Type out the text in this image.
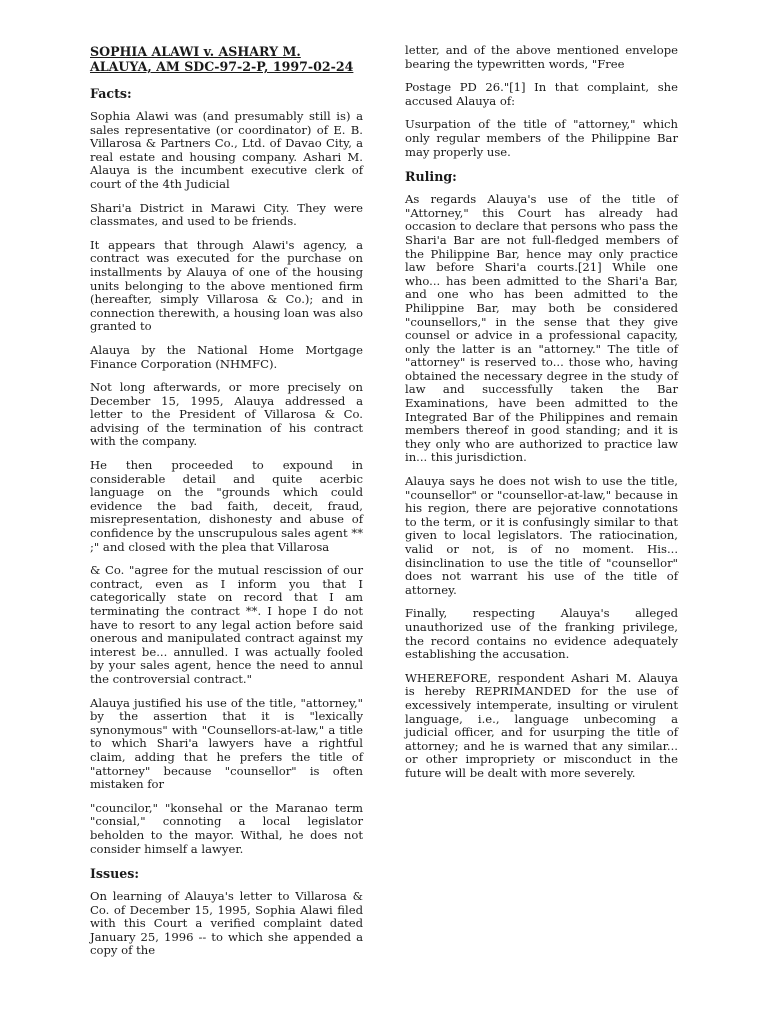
SOPHIA ALAWI v. ASHARY M. ALAUYA, AM SDC-97-2-P, 1997-02-24

Facts:

Sophia Alawi was (and presumably still is) a sales representative (or coordinator) of E. B. Villarosa & Partners Co., Ltd. of Davao City, a real estate and housing company. Ashari M. Alauya is the incumbent executive clerk of court of the 4th Judicial

Shari'a District in Marawi City. They were classmates, and used to be friends.

It appears that through Alawi's agency, a contract was executed for the purchase on installments by Alauya of one of the housing units belonging to the above mentioned firm (hereafter, simply Villarosa & Co.); and in connection therewith, a housing loan was also granted to

Alauya by the National Home Mortgage Finance Corporation (NHMFC).

Not long afterwards, or more precisely on December 15, 1995, Alauya addressed a letter to the President of Villarosa & Co. advising of the termination of his contract with the company.

He then proceeded to expound in considerable detail and quite acerbic language on the "grounds which could evidence the bad faith, deceit, fraud, misrepresentation, dishonesty and abuse of confidence by the unscrupulous sales agent ** ;" and closed with the plea that Villarosa

& Co. "agree for the mutual rescission of our contract, even as I inform you that I categorically state on record that I am terminating the contract **. I hope I do not have to resort to any legal action before said onerous and manipulated contract against my interest be... annulled. I was actually fooled by your sales agent, hence the need to annul the controversial contract."

Alauya justified his use of the title, "attorney," by the assertion that it is "lexically synonymous" with "Counsellors-at-law," a title to which Shari'a lawyers have a rightful claim, adding that he prefers the title of "attorney" because "counsellor" is often mistaken for

"councilor," "konsehal or the Maranao term "consial," connoting a local legislator beholden to the mayor. Withal, he does not consider himself a lawyer.

Issues:

On learning of Alauya's letter to Villarosa & Co. of December 15, 1995, Sophia Alawi filed with this Court a verified complaint dated January 25, 1996 -- to which she appended a copy of the

letter, and of the above mentioned envelope bearing the typewritten words, "Free

Postage PD 26."[1] In that complaint, she accused Alauya of:

Usurpation of the title of "attorney," which only regular members of the Philippine Bar may properly use.

Ruling:

As regards Alauya's use of the title of "Attorney," this Court has already had occasion to declare that persons who pass the Shari'a Bar are not full-fledged members of the Philippine Bar, hence may only practice law before Shari'a courts.[21] While one who... has been admitted to the Shari'a Bar, and one who has been admitted to the Philippine Bar, may both be considered "counsellors," in the sense that they give counsel or advice in a professional capacity, only the latter is an "attorney." The title of "attorney" is reserved to... those who, having obtained the necessary degree in the study of law and successfully taken the Bar Examinations, have been admitted to the Integrated Bar of the Philippines and remain members thereof in good standing; and it is they only who are authorized to practice law in... this jurisdiction.

Alauya says he does not wish to use the title, "counsellor" or "counsellor-at-law," because in his region, there are pejorative connotations to the term, or it is confusingly similar to that given to local legislators. The ratiocination, valid or not, is of no moment. His... disinclination to use the title of "counsellor" does not warrant his use of the title of attorney.

Finally, respecting Alauya's alleged unauthorized use of the franking privilege, the record contains no evidence adequately establishing the accusation.

WHEREFORE, respondent Ashari M. Alauya is hereby REPRIMANDED for the use of excessively intemperate, insulting or virulent language, i.e., language unbecoming a judicial officer, and for usurping the title of attorney; and he is warned that any similar... or other impropriety or misconduct in the future will be dealt with more severely.
